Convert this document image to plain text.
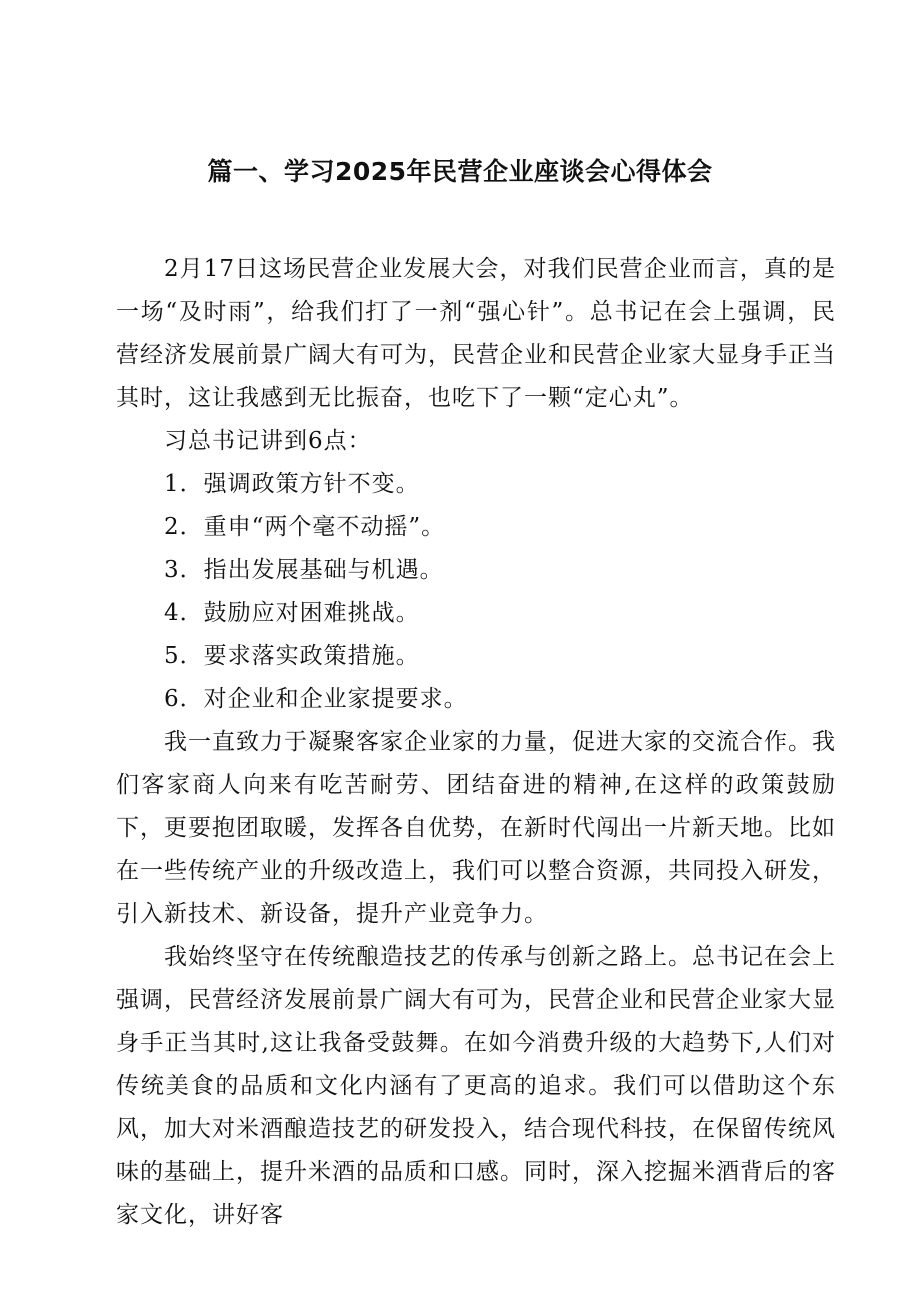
篇一、学习2025年民营企业座谈会心得体会

2月17日这场民营企业发展大会，对我们民营企业而言，真的是一场“及时雨”，给我们打了一剂“强心针”。总书记在会上强调，民营经济发展前景广阔大有可为，民营企业和民营企业家大显身手正当其时，这让我感到无比振奋，也吃下了一颗“定心丸”。

习总书记讲到6点：

1．强调政策方针不变。

2．重申“两个毫不动摇”。

3．指出发展基础与机遇。

4．鼓励应对困难挑战。

5．要求落实政策措施。

6．对企业和企业家提要求。

我一直致力于凝聚客家企业家的力量，促进大家的交流合作。我们客家商人向来有吃苦耐劳、团结奋进的精神,在这样的政策鼓励下，更要抱团取暖，发挥各自优势，在新时代闯出一片新天地。比如在一些传统产业的升级改造上，我们可以整合资源，共同投入研发，引入新技术、新设备，提升产业竞争力。

我始终坚守在传统酿造技艺的传承与创新之路上。总书记在会上强调，民营经济发展前景广阔大有可为，民营企业和民营企业家大显身手正当其时,这让我备受鼓舞。在如今消费升级的大趋势下,人们对传统美食的品质和文化内涵有了更高的追求。我们可以借助这个东风，加大对米酒酿造技艺的研发投入，结合现代科技，在保留传统风味的基础上，提升米酒的品质和口感。同时，深入挖掘米酒背后的客家文化，讲好客
